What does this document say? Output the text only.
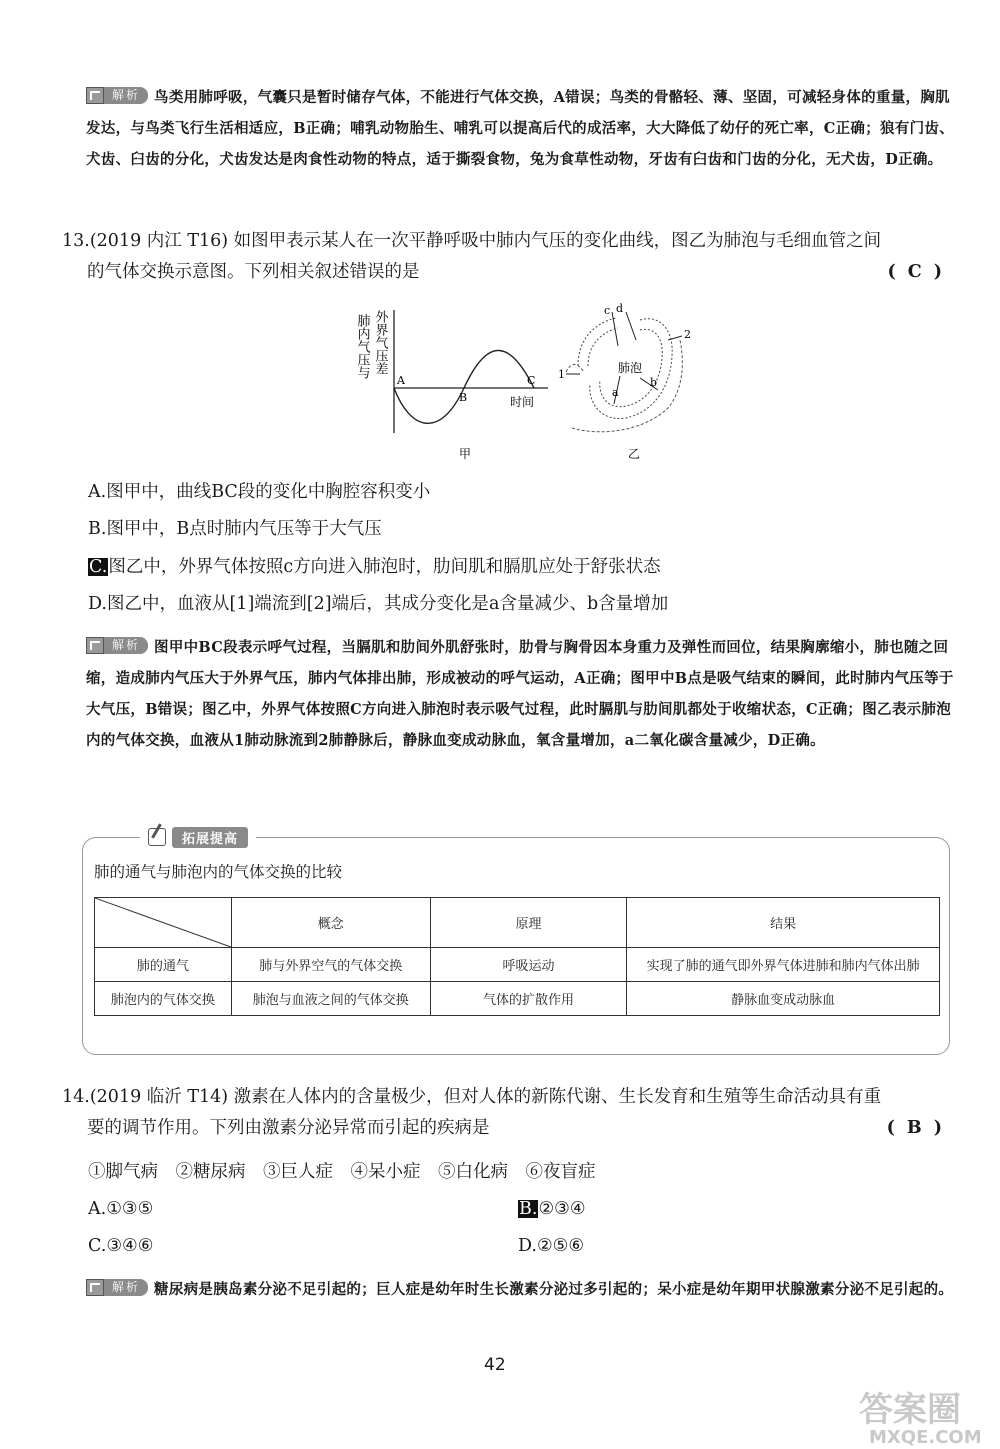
解析 鸟类用肺呼吸，气囊只是暂时储存气体，不能进行气体交换，A错误；鸟类的骨骼轻、薄、坚固，可减轻身体的重量，胸肌发达，与鸟类飞行生活相适应，B正确；哺乳动物胎生、哺乳可以提高后代的成活率，大大降低了幼仔的死亡率，C正确；狼有门齿、犬齿、臼齿的分化，犬齿发达是肉食性动物的特点，适于撕裂食物，兔为食草性动物，牙齿有臼齿和门齿的分化，无犬齿，D正确。
13.(2019 内江 T16) 如图甲表示某人在一次平静呼吸中肺内气压的变化曲线，图乙为肺泡与毛细血管之间
的气体交换示意图。下列相关叙述错误的是	(C)
肺内气压与 外界气压差
A
B
C
时间
甲
肺泡
1
2
a
b
c d
乙
A.图甲中，曲线BC段的变化中胸腔容积变小
B.图甲中，B点时肺内气压等于大气压
C.图乙中，外界气体按照c方向进入肺泡时，肋间肌和膈肌应处于舒张状态
D.图乙中，血液从[1]端流到[2]端后，其成分变化是a含量减少、b含量增加
解析 图甲中BC段表示呼气过程，当膈肌和肋间外肌舒张时，肋骨与胸骨因本身重力及弹性而回位，结果胸廓缩小，肺也随之回缩，造成肺内气压大于外界气压，肺内气体排出肺，形成被动的呼气运动，A正确；图甲中B点是吸气结束的瞬间，此时肺内气压等于大气压，B错误；图乙中，外界气体按照C方向进入肺泡时表示吸气过程，此时膈肌与肋间肌都处于收缩状态，C正确；图乙表示肺泡内的气体交换，血液从1肺动脉流到2肺静脉后，静脉血变成动脉血，氧含量增加，a二氧化碳含量减少，D正确。
拓展提高
肺的通气与肺泡内的气体交换的比较
	概念	原理	结果
肺的通气	肺与外界空气的气体交换	呼吸运动	实现了肺的通气即外界气体进肺和肺内气体出肺
肺泡内的气体交换	肺泡与血液之间的气体交换	气体的扩散作用	静脉血变成动脉血
14.(2019 临沂 T14) 激素在人体内的含量极少，但对人体的新陈代谢、生长发育和生殖等生命活动具有重
要的调节作用。下列由激素分泌异常而引起的疾病是	(B)
①脚气病　②糖尿病　③巨人症　④呆小症　⑤白化病　⑥夜盲症
A.①③⑤	B.②③④
C.③④⑥	D.②⑤⑥
解析 糖尿病是胰岛素分泌不足引起的；巨人症是幼年时生长激素分泌过多引起的；呆小症是幼年期甲状腺激素分泌不足引起的。
42
答案圈
MXQE.COM
